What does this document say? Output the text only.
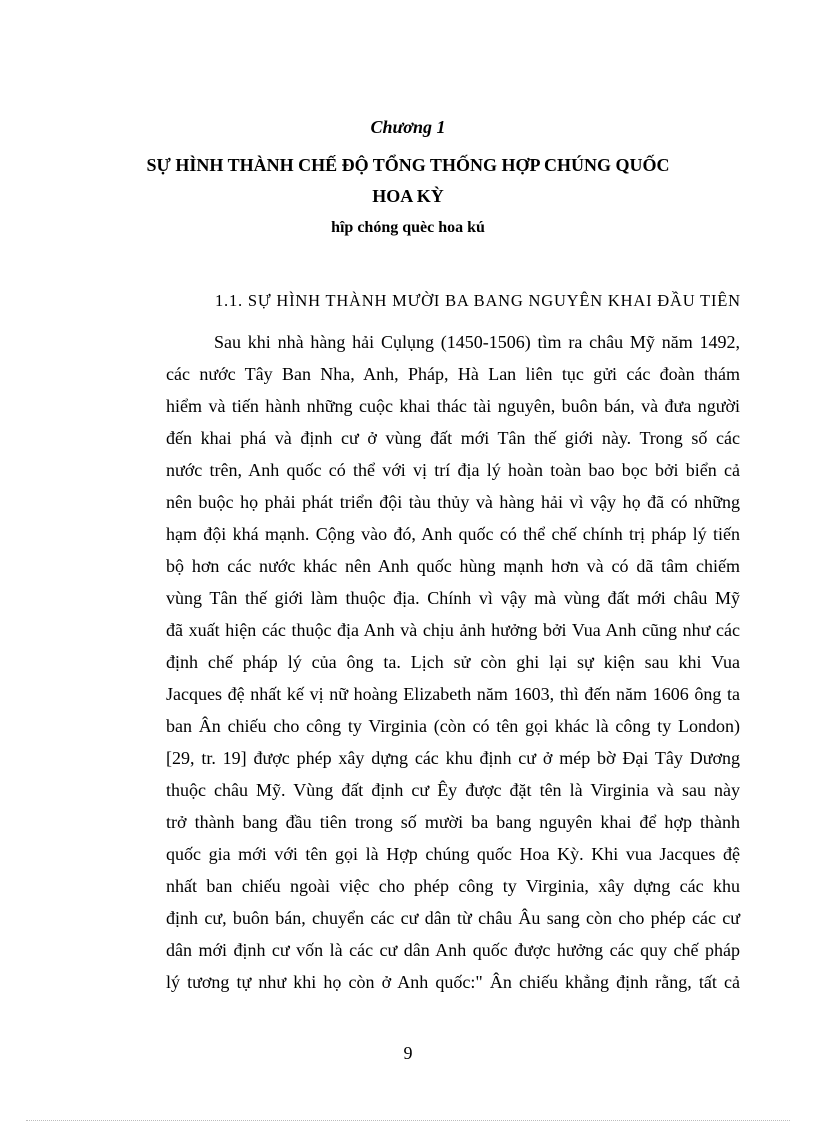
Chương 1
SỰ HÌNH THÀNH CHẾ ĐỘ TỔNG THỐNG HỢP CHÚNG QUỐC
HOA KỲ
hîp chóng quèc hoa kú
1.1. SỰ HÌNH THÀNH MƯỜI BA BANG NGUYÊN KHAI ĐẦU TIÊN
Sau khi nhà hàng hải Cụlụng (1450-1506) tìm ra châu Mỹ năm 1492,
các nước Tây Ban Nha, Anh, Pháp, Hà Lan liên tục gửi các đoàn thám
hiểm và tiến hành những cuộc khai thác tài nguyên, buôn bán, và đưa người
đến khai phá và định cư ở vùng đất mới Tân thế giới này. Trong số các
nước trên, Anh quốc có thể với vị trí địa lý hoàn toàn bao bọc bởi biển cả
nên buộc họ phải phát triển đội tàu thủy và hàng hải vì vậy họ đã có những
hạm đội khá mạnh. Cộng vào đó, Anh quốc có thể chế chính trị pháp lý tiến
bộ hơn các nước khác nên Anh quốc hùng mạnh hơn và có dã tâm chiếm
vùng Tân thế giới làm thuộc địa. Chính vì vậy mà vùng đất mới châu Mỹ
đã xuất hiện các thuộc địa Anh và chịu ảnh hưởng bởi Vua Anh cũng như các
định chế pháp lý của ông ta. Lịch sử còn ghi lại sự kiện sau khi Vua
Jacques đệ nhất kế vị nữ hoàng Elizabeth năm 1603, thì đến năm 1606 ông ta
ban Ân chiếu cho công ty Virginia (còn có tên gọi khác là công ty London)
[29, tr. 19] được phép xây dựng các khu định cư ở mép bờ Đại Tây Dương
thuộc châu Mỹ. Vùng đất định cư Êy được đặt tên là Virginia và sau này
trở thành bang đầu tiên trong số mười ba bang nguyên khai để hợp thành
quốc gia mới với tên gọi là Hợp chúng quốc Hoa Kỳ. Khi vua Jacques đệ
nhất ban chiếu ngoài việc cho phép công ty Virginia, xây dựng các khu
định cư, buôn bán, chuyển các cư dân từ châu Âu sang còn cho phép các cư
dân mới định cư vốn là các cư dân Anh quốc được hưởng các quy chế pháp
lý tương tự như khi họ còn ở Anh quốc:" Ân chiếu khẳng định rằng, tất cả
9
